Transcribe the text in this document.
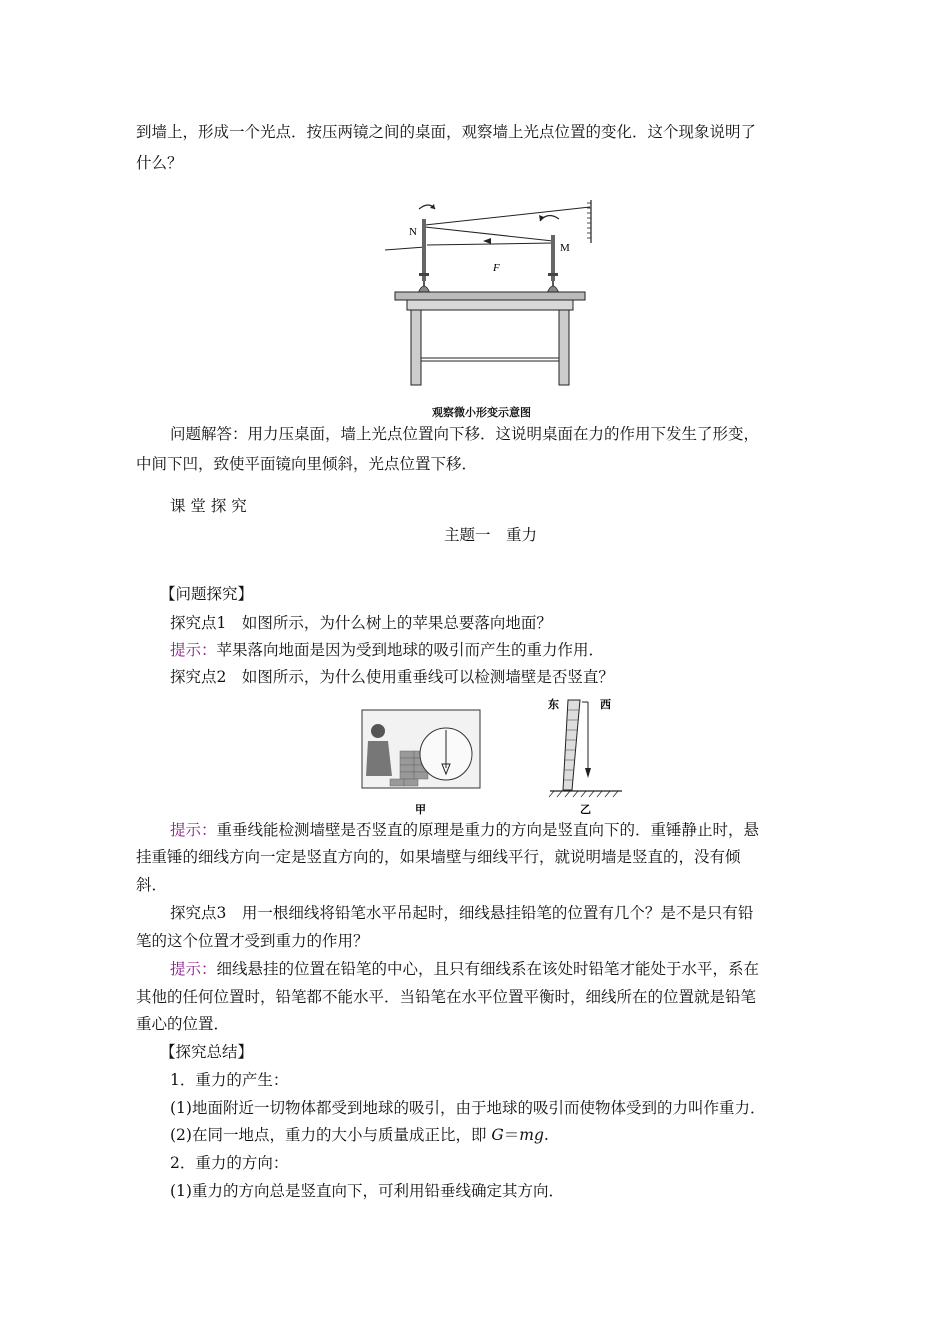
到墙上，形成一个光点．按压两镜之间的桌面，观察墙上光点位置的变化．这个现象说明了
什么？
N
M
F
观察微小形变示意图
问题解答：用力压桌面，墙上光点位置向下移．这说明桌面在力的作用下发生了形变，
中间下凹，致使平面镜向里倾斜，光点位置下移．
课 堂 探 究
主题一　重力
【问题探究】
探究点1　如图所示，为什么树上的苹果总要落向地面？
提示：苹果落向地面是因为受到地球的吸引而产生的重力作用．
探究点2　如图所示，为什么使用重垂线可以检测墙壁是否竖直？
东	西
甲	乙
提示：重垂线能检测墙壁是否竖直的原理是重力的方向是竖直向下的．重锤静止时，悬
挂重锤的细线方向一定是竖直方向的，如果墙壁与细线平行，就说明墙是竖直的，没有倾
斜．
探究点3　用一根细线将铅笔水平吊起时，细线悬挂铅笔的位置有几个？是不是只有铅
笔的这个位置才受到重力的作用？
提示：细线悬挂的位置在铅笔的中心，且只有细线系在该处时铅笔才能处于水平，系在
其他的任何位置时，铅笔都不能水平．当铅笔在水平位置平衡时，细线所在的位置就是铅笔
重心的位置．
【探究总结】
1．重力的产生：
(1)地面附近一切物体都受到地球的吸引，由于地球的吸引而使物体受到的力叫作重力．
(2)在同一地点，重力的大小与质量成正比，即 G＝mg.
2．重力的方向：
(1)重力的方向总是竖直向下，可利用铅垂线确定其方向．
